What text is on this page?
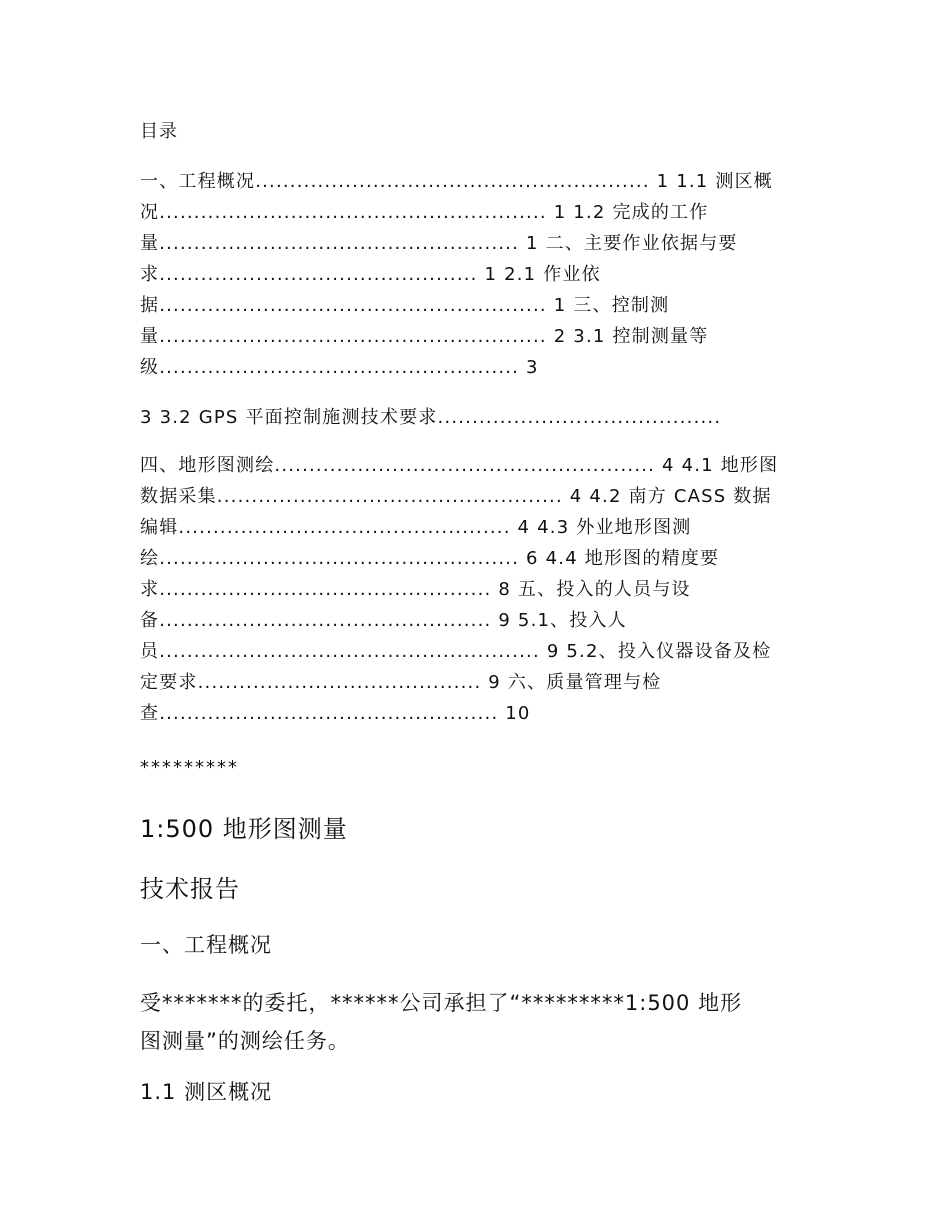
目录
一、工程概况......................................................... 1 1.1 测区概
况........................................................ 1 1.2 完成的工作
量.................................................... 1 二、主要作业依据与要
求.............................................. 1 2.1 作业依
据........................................................ 1 三、控制测
量........................................................ 2 3.1 控制测量等
级.................................................... 3
3 3.2 GPS 平面控制施测技术要求.........................................
四、地形图测绘....................................................... 4 4.1 地形图
数据采集.................................................. 4 4.2 南方 CASS 数据
编辑................................................ 4 4.3 外业地形图测
绘.................................................... 6 4.4 地形图的精度要
求................................................ 8 五、投入的人员与设
备................................................ 9 5.1、投入人
员....................................................... 9 5.2、投入仪器设备及检
定要求......................................... 9 六、质量管理与检
查................................................. 10
*********
1:500 地形图测量
技术报告
一、工程概况
受*******的委托，******公司承担了“*********1:500 地形
图测量”的测绘任务。
1.1 测区概况
